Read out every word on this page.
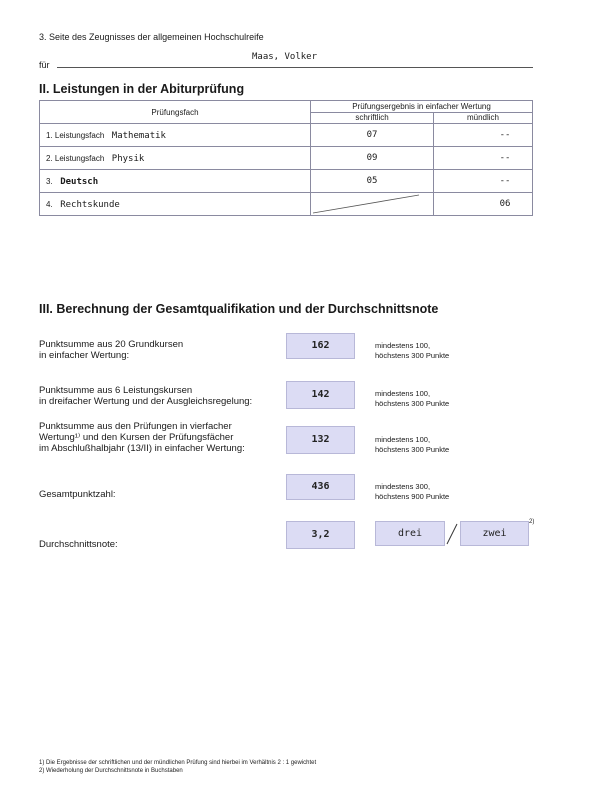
3. Seite des Zeugnisses der allgemeinen Hochschulreife
für
Maas, Volker
II. Leistungen in der Abiturprüfung
Prüfungsfach	Prüfungsergebnis in einfacher Wertung	
	schriftlich	mündlich
1. Leistungsfach Mathematik	07	--
2. Leistungsfach Physik	09	--
3. Deutsch	05	--
4. Rechtskunde		06
III. Berechnung der Gesamtqualifikation und der Durchschnittsnote
Punktsumme aus 20 Grundkursen
in einfacher Wertung:
162	mindestens 100,
höchstens 300 Punkte
Punktsumme aus 6 Leistungskursen
in dreifacher Wertung und der Ausgleichsregelung:
142	mindestens 100,
höchstens 300 Punkte
Punktsumme aus den Prüfungen in vierfacher
Wertung¹⁾ und den Kursen der Prüfungsfächer
im Abschlußhalbjahr (13/II) in einfacher Wertung:
132	mindestens 100,
höchstens 300 Punkte
Gesamtpunktzahl:
436	mindestens 300,
höchstens 900 Punkte
Durchschnittsnote:
3,2	drei	zwei
2)
1) Die Ergebnisse der schriftlichen und der mündlichen Prüfung sind hierbei im Verhältnis 2 : 1 gewichtet
2) Wiederholung der Durchschnittsnote in Buchstaben
